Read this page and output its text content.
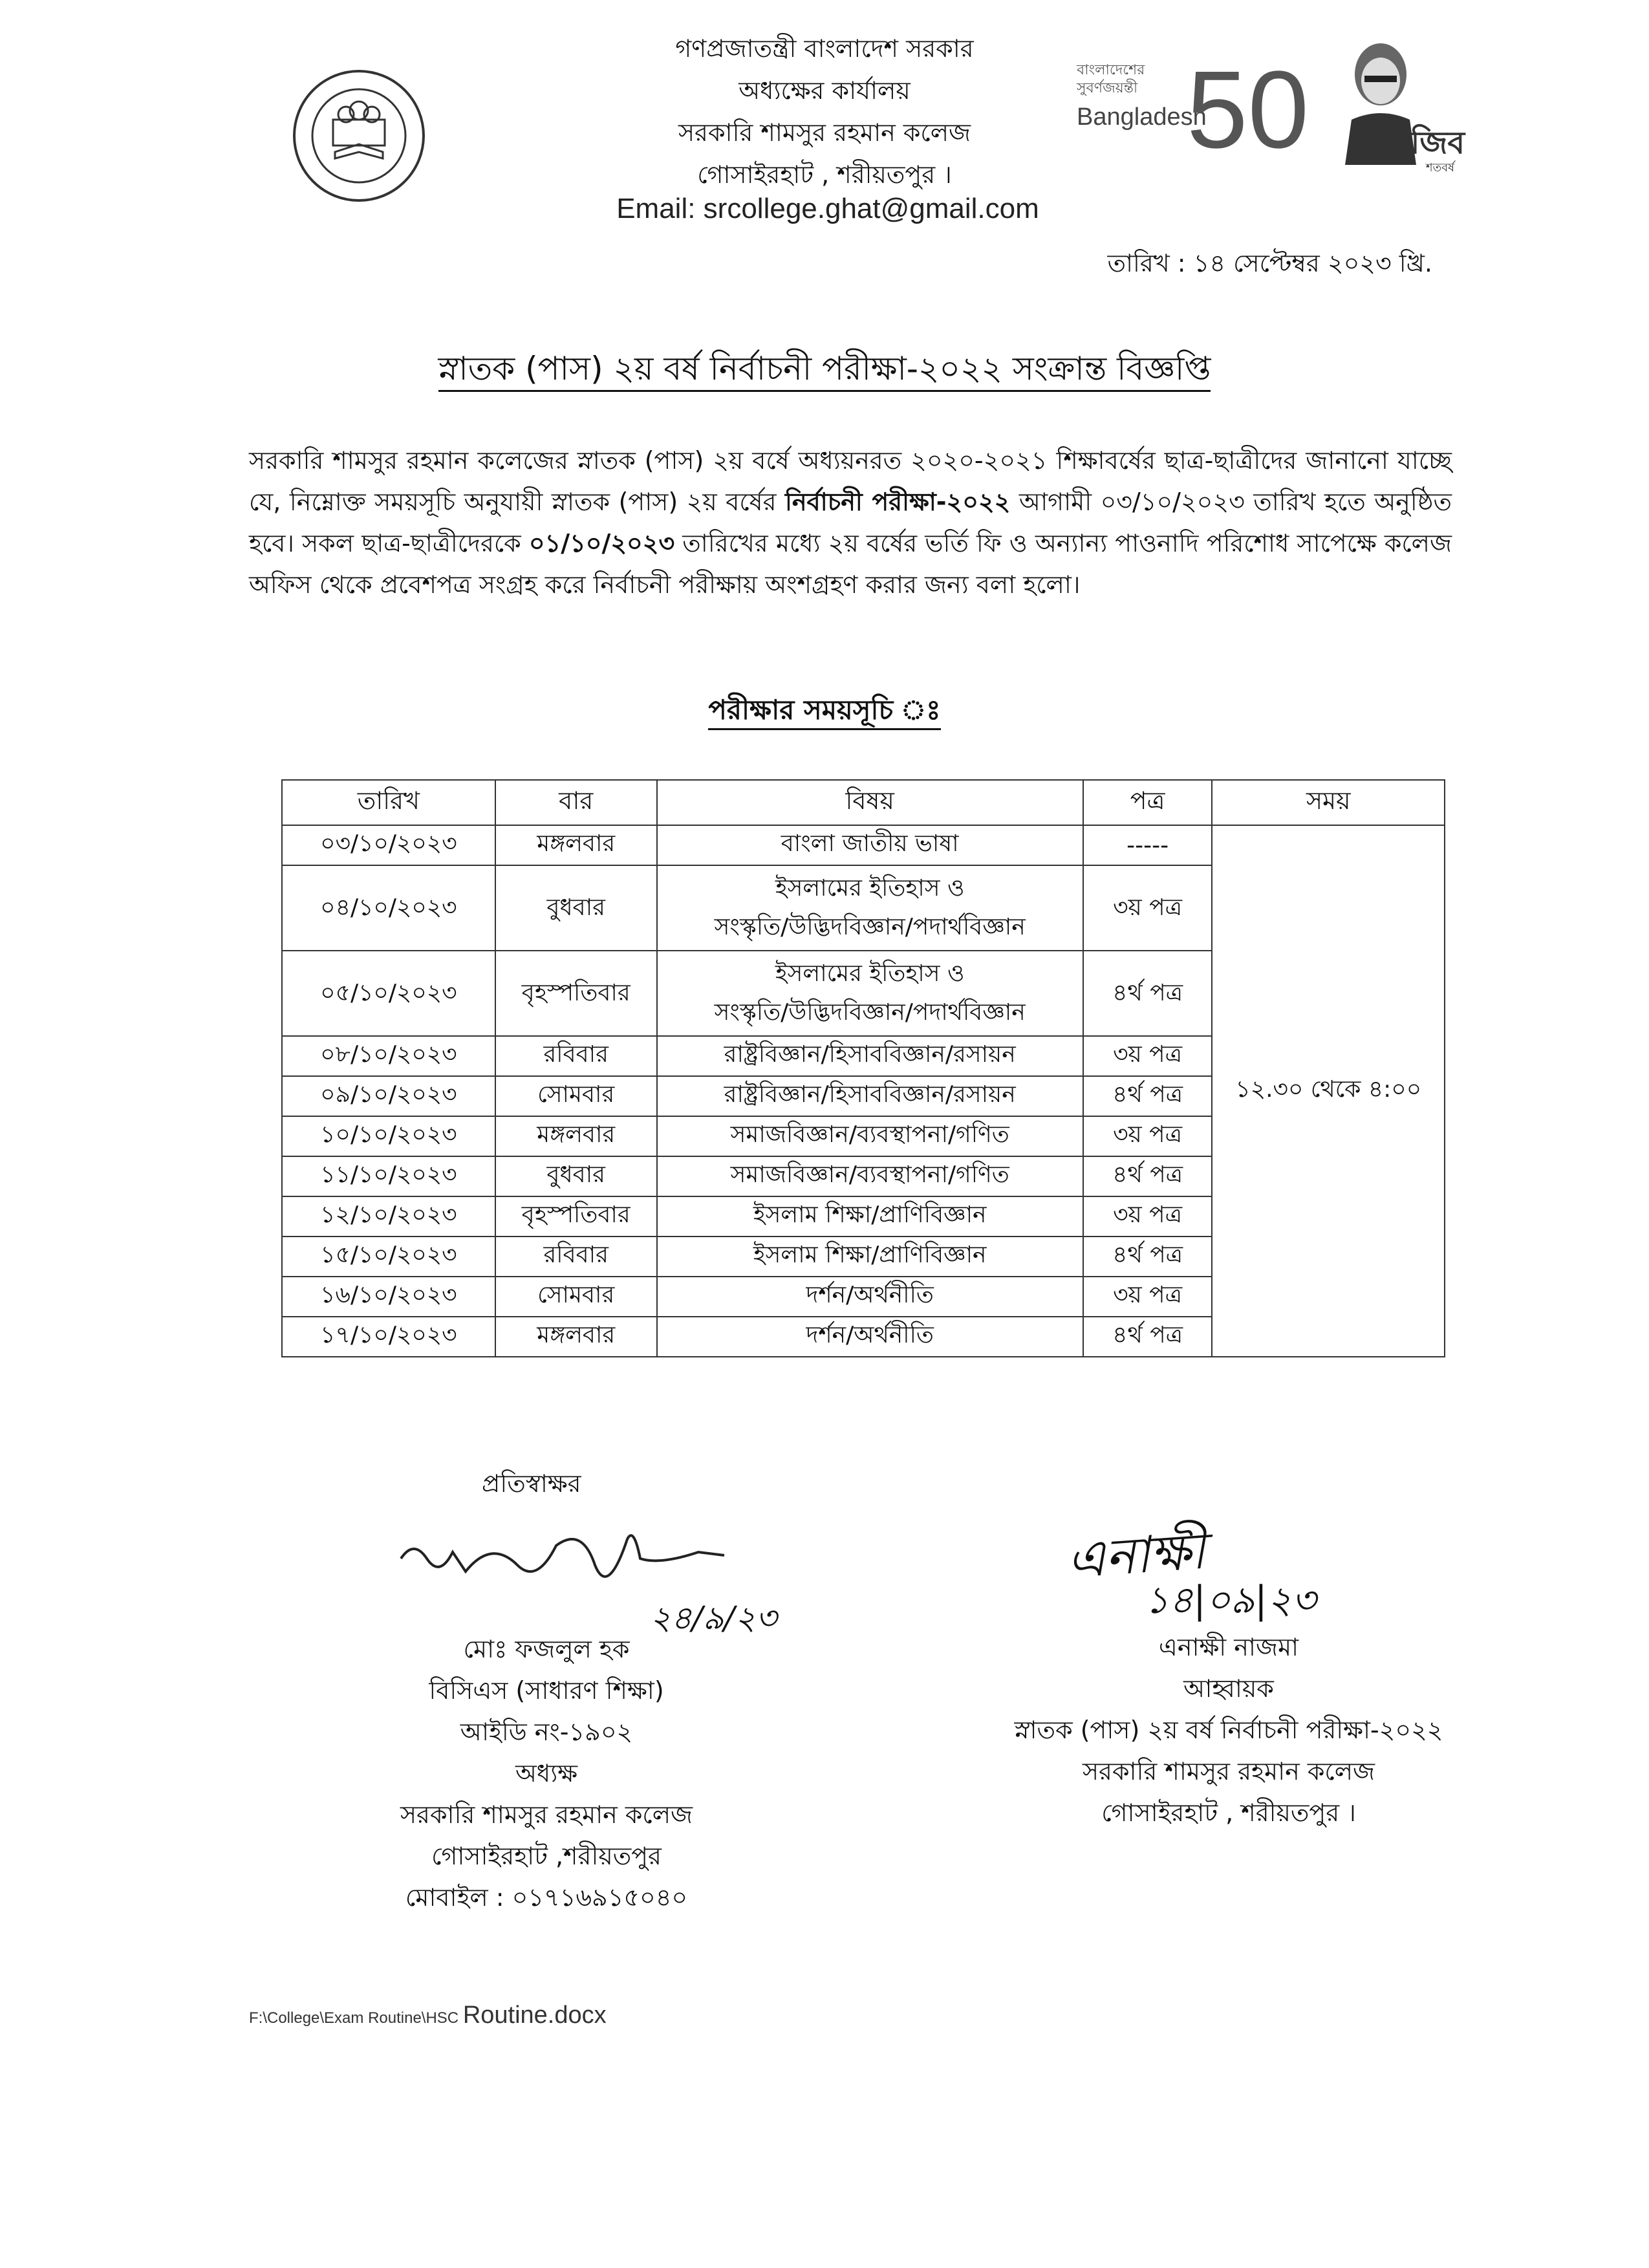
গণপ্রজাতন্ত্রী বাংলাদেশ সরকার
অধ্যক্ষের কার্যালয়
সরকারি শামসুর রহমান কলেজ
গোসাইরহাট , শরীয়তপুর ।
Email: srcollege.ghat@gmail.com
বাংলাদেশের সুবর্ণজয়ন্তী
Bangladesh
50	মুজিব
শতবর্ষ
তারিখ : ১৪ সেপ্টেম্বর ২০২৩ খ্রি.
স্নাতক (পাস) ২য় বর্ষ নির্বাচনী পরীক্ষা-২০২২ সংক্রান্ত বিজ্ঞপ্তি
সরকারি শামসুর রহমান কলেজের স্নাতক (পাস) ২য় বর্ষে অধ্যয়নরত ২০২০-২০২১ শিক্ষাবর্ষের ছাত্র-ছাত্রীদের জানানো যাচ্ছে যে, নিম্নোক্ত সময়সূচি অনুযায়ী স্নাতক (পাস) ২য় বর্ষের নির্বাচনী পরীক্ষা-২০২২ আগামী ০৩/১০/২০২৩ তারিখ হতে অনুষ্ঠিত হবে। সকল ছাত্র-ছাত্রীদেরকে ০১/১০/২০২৩ তারিখের মধ্যে ২য় বর্ষের ভর্তি ফি ও অন্যান্য পাওনাদি পরিশোধ সাপেক্ষে কলেজ অফিস থেকে প্রবেশপত্র সংগ্রহ করে নির্বাচনী পরীক্ষায় অংশগ্রহণ করার জন্য বলা হলো।
পরীক্ষার সময়সূচি ঃ
তারিখ	বার	বিষয়	পত্র	সময়
০৩/১০/২০২৩	মঙ্গলবার	বাংলা জাতীয় ভাষা	-----	১২.৩০ থেকে ৪:০০
০৪/১০/২০২৩	বুধবার	ইসলামের ইতিহাস ও
সংস্কৃতি/উদ্ভিদবিজ্ঞান/পদার্থবিজ্ঞান	৩য় পত্র	
০৫/১০/২০২৩	বৃহস্পতিবার	ইসলামের ইতিহাস ও
সংস্কৃতি/উদ্ভিদবিজ্ঞান/পদার্থবিজ্ঞান	৪র্থ পত্র	
০৮/১০/২০২৩	রবিবার	রাষ্ট্রবিজ্ঞান/হিসাববিজ্ঞান/রসায়ন	৩য় পত্র	
০৯/১০/২০২৩	সোমবার	রাষ্ট্রবিজ্ঞান/হিসাববিজ্ঞান/রসায়ন	৪র্থ পত্র	
১০/১০/২০২৩	মঙ্গলবার	সমাজবিজ্ঞান/ব্যবস্থাপনা/গণিত	৩য় পত্র	
১১/১০/২০২৩	বুধবার	সমাজবিজ্ঞান/ব্যবস্থাপনা/গণিত	৪র্থ পত্র	
১২/১০/২০২৩	বৃহস্পতিবার	ইসলাম শিক্ষা/প্রাণিবিজ্ঞান	৩য় পত্র	
১৫/১০/২০২৩	রবিবার	ইসলাম শিক্ষা/প্রাণিবিজ্ঞান	৪র্থ পত্র	
১৬/১০/২০২৩	সোমবার	দর্শন/অর্থনীতি	৩য় পত্র	
১৭/১০/২০২৩	মঙ্গলবার	দর্শন/অর্থনীতি	৪র্থ পত্র	
প্রতিস্বাক্ষর
২৪/৯/২৩
মোঃ ফজলুল হক
বিসিএস (সাধারণ শিক্ষা)
আইডি নং-১৯০২
অধ্যক্ষ
সরকারি শামসুর রহমান কলেজ
গোসাইরহাট ,শরীয়তপুর
মোবাইল : ০১৭১৬৯১৫০৪০
এনাক্ষী
১৪|০৯|২৩
এনাক্ষী নাজমা
আহ্বায়ক
স্নাতক (পাস) ২য় বর্ষ নির্বাচনী পরীক্ষা-২০২২
সরকারি শামসুর রহমান কলেজ
গোসাইরহাট , শরীয়তপুর ।
F:\College\Exam Routine\HSC Routine.docx
